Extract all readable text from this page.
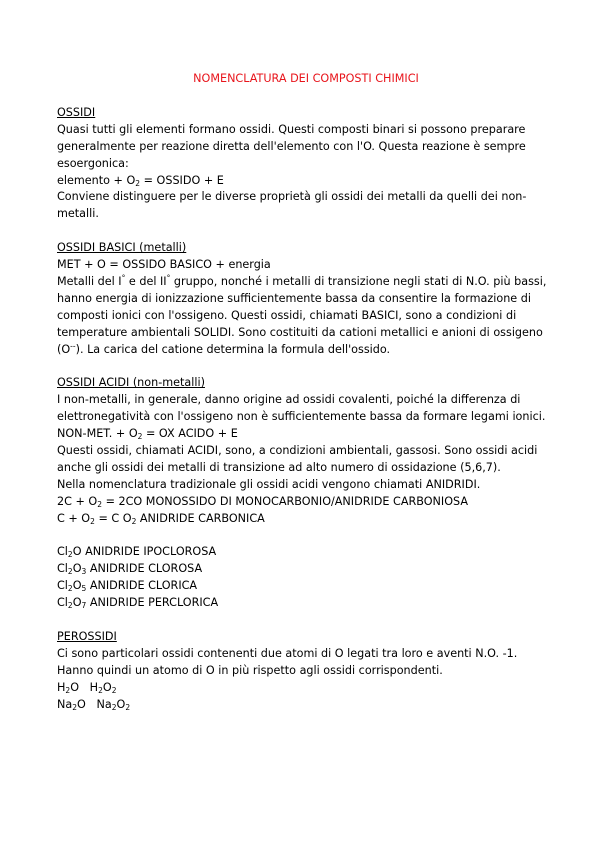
NOMENCLATURA DEI COMPOSTI CHIMICI

OSSIDI

Quasi tutti gli elementi formano ossidi. Questi composti binari si possono preparare generalmente per reazione diretta dell'elemento con l'O. Questa reazione è sempre esoergonica:

elemento + $O_2$ = OSSIDO + E

Conviene distinguere per le diverse proprietà gli ossidi dei metalli da quelli dei non-metalli.

OSSIDI BASICI (metalli)

MET + O = OSSIDO BASICO + energia

Metalli del I° e del II° gruppo, nonché i metalli di transizione negli stati di N.O. più bassi, hanno energia di ionizzazione sufficientemente bassa da consentire la formazione di composti ionici con l'ossigeno. Questi ossidi, chiamati BASICI, sono a condizioni di temperature ambientali SOLIDI. Sono costituiti da cationi metallici e anioni di ossigeno (O--). La carica del catione determina la formula dell'ossido.

OSSIDI ACIDI (non-metalli)

I non-metalli, in generale, danno origine ad ossidi covalenti, poiché la differenza di elettronegatività con l'ossigeno non è sufficientemente bassa da formare legami ionici.

NON-MET. + $O_2$ = OX ACIDO + E

Questi ossidi, chiamati ACIDI, sono, a condizioni ambientali, gassosi. Sono ossidi acidi anche gli ossidi dei metalli di transizione ad alto numero di ossidazione (5,6,7).

Nella nomenclatura tradizionale gli ossidi acidi vengono chiamati ANIDRIDI.

$2C + O_2 = 2CO$ MONOSSIDO DI MONOCARBONIO/ANIDRIDE CARBONIOSA

$C + O_2 = C$ $O_2$ ANIDRIDE CARBONICA

$Cl_2O$ ANIDRIDE IPOCLOROSA

$Cl_2O_3$ ANIDRIDE CLOROSA

$Cl_2O_5$ ANIDRIDE CLORICA

$Cl_2O_7$ ANIDRIDE PERCLORICA

PEROSSIDI

Ci sono particolari ossidi contenenti due atomi di O legati tra loro e aventi N.O. -1. Hanno quindi un atomo di O in più rispetto agli ossidi corrispondenti.

$H_2O$   $H_2O_2$

$Na_2O$   $Na_2O_2$
